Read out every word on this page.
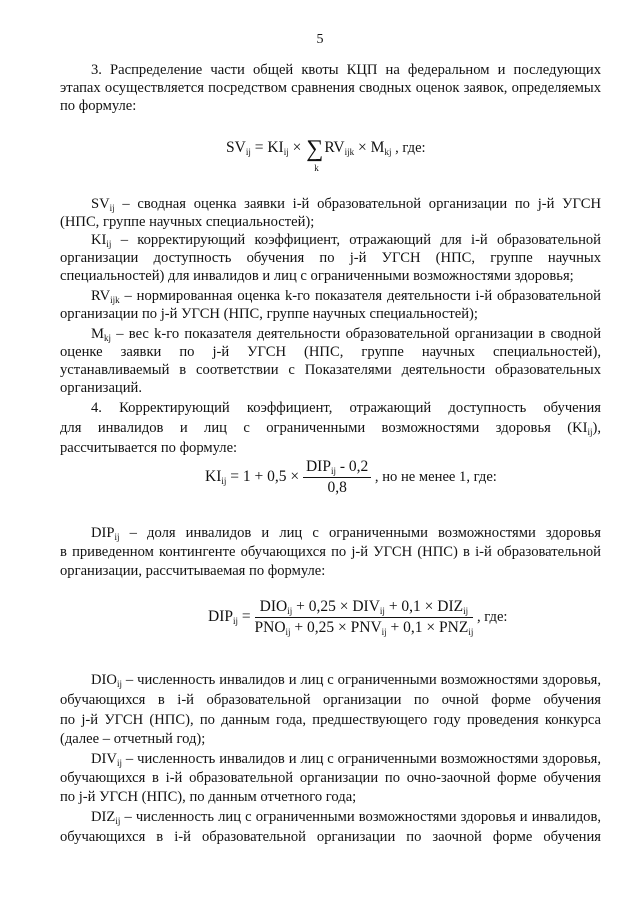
5
3. Распределение части общей квоты КЦП на федеральном и последующих
этапах осуществляется посредством сравнения сводных оценок заявок, определяемых
по формуле:
$SV_{ij} = KI_{ij}$ × ∑
k
$RV_{ijk} \times M_{kj}$ , где:
$SV_{ij}$ – сводная оценка заявки i-й образовательной организации по j-й УГСН
(НПС, группе научных специальностей);
$KI_{ij}$ – корректирующий коэффициент, отражающий для i-й образовательной
организации доступность обучения по j-й УГСН (НПС, группе научных
специальностей) для инвалидов и лиц с ограниченными возможностями здоровья;
$RV_{ijk}$ – нормированная оценка k-го показателя деятельности i-й образовательной
организации по j-й УГСН (НПС, группе научных специальностей);
$M_{kj}$ – вес k-го показателя деятельности образовательной организации в сводной
оценке заявки по j-й УГСН (НПС, группе научных специальностей),
устанавливаемый в соответствии с Показателями деятельности образовательных
организаций.
4. Корректирующий коэффициент, отражающий доступность обучения
для инвалидов и лиц с ограниченными возможностями здоровья $(KI_{ij})$,
рассчитывается по формуле:
$KI_{ij} = 1 + 0,5 \times \frac{DIP_{ij} - 0,2}{0,8}$ , но не менее 1, где:
$DIP_{ij}$ – доля инвалидов и лиц с ограниченными возможностями здоровья
в приведенном контингенте обучающихся по j-й УГСН (НПС) в i-й образовательной
организации, рассчитываемая по формуле:
$DIP_{ij} = \frac{DIO_{ij} + 0,25 \times DIV_{ij} + 0,1 \times DIZ_{ij}}{PNO_{ij} + 0,25 \times PNV_{ij} + 0,1 \times PNZ_{ij}}$ , где:
$DIO_{ij}$ – численность инвалидов и лиц с ограниченными возможностями здоровья,
обучающихся в i-й образовательной организации по очной форме обучения
по j-й УГСН (НПС), по данным года, предшествующего году проведения конкурса
(далее – отчетный год);
$DIV_{ij}$ – численность инвалидов и лиц с ограниченными возможностями здоровья,
обучающихся в i-й образовательной организации по очно-заочной форме обучения
по j-й УГСН (НПС), по данным отчетного года;
$DIZ_{ij}$ – численность лиц с ограниченными возможностями здоровья и инвалидов,
обучающихся в i-й образовательной организации по заочной форме обучения
